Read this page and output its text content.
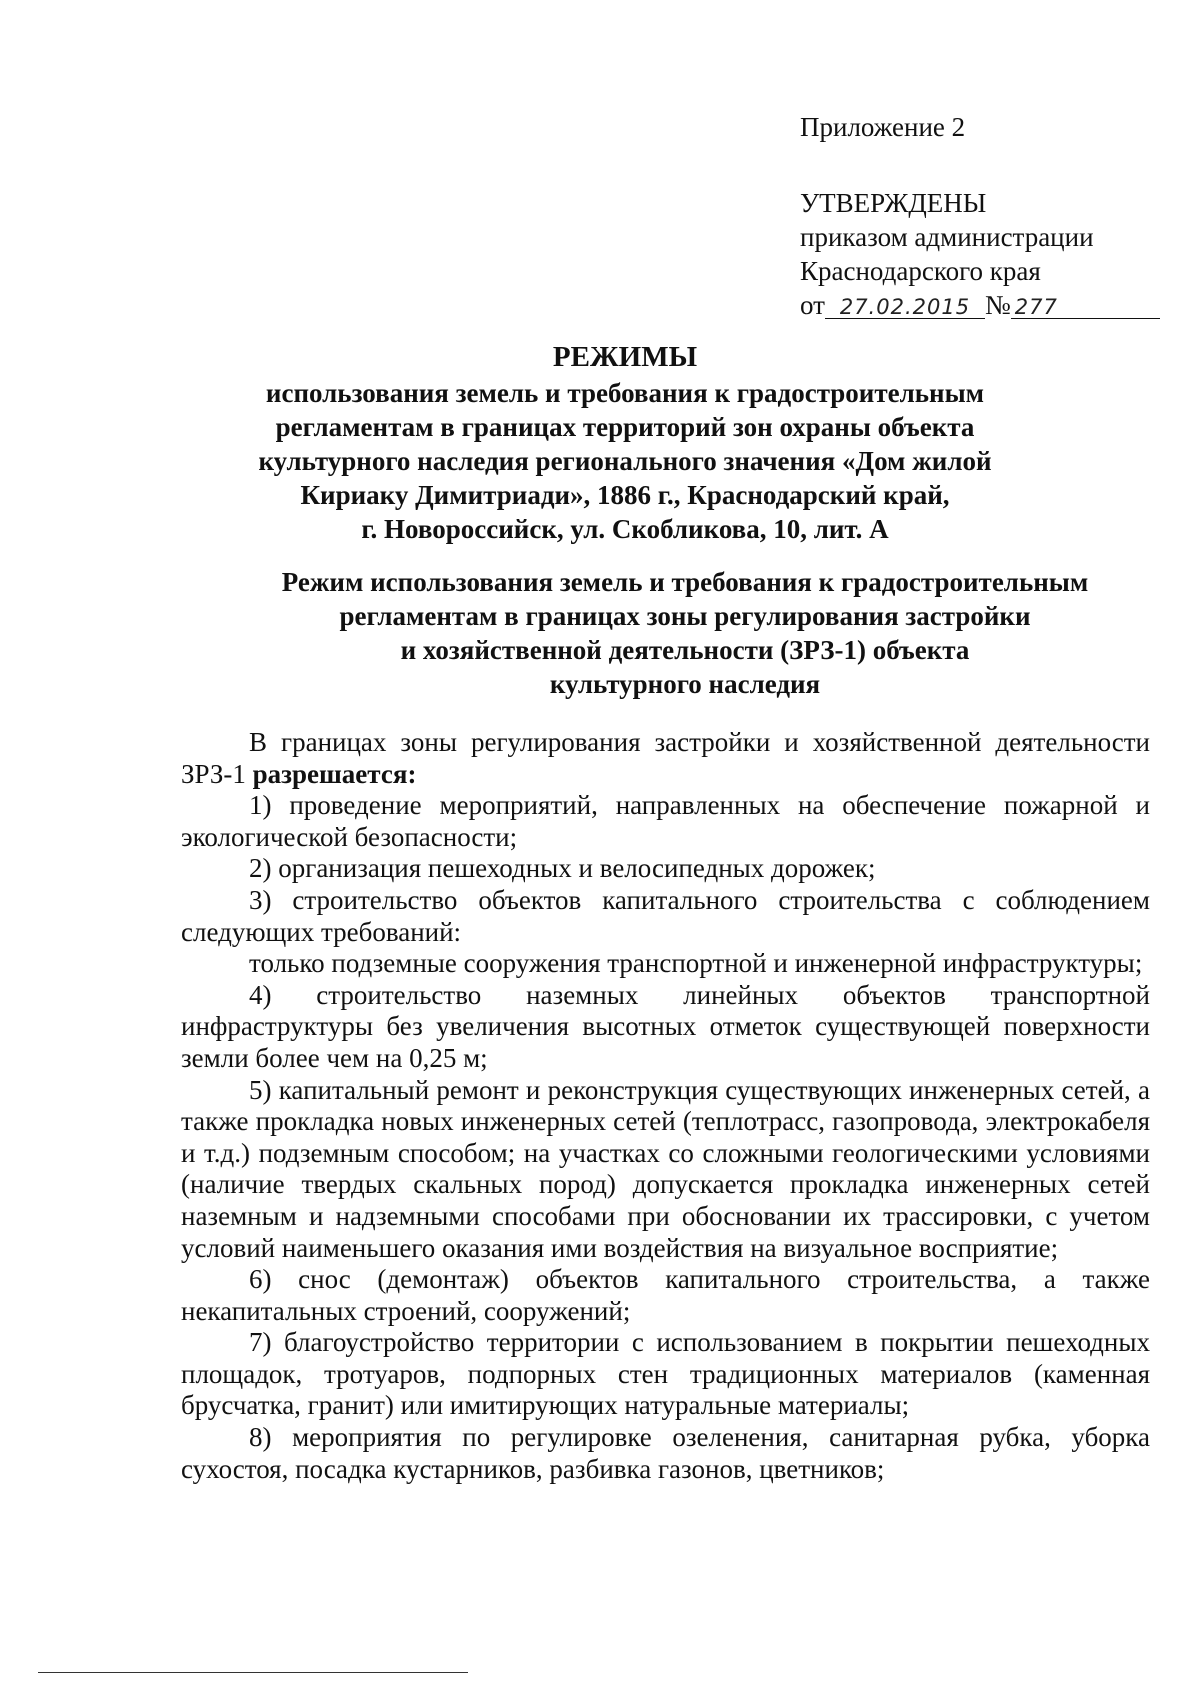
Приложение 2
УТВЕРЖДЕНЫ
приказом администрации
Краснодарского края
от 27.02.2015 № 277
РЕЖИМЫ
использования земель и требования к градостроительным
регламентам в границах территорий зон охраны объекта
культурного наследия регионального значения «Дом жилой
Кириаку Димитриади», 1886 г., Краснодарский край,
г. Новороссийск, ул. Скобликова, 10, лит. А
Режим использования земель и требования к градостроительным
регламентам в границах зоны регулирования застройки
и хозяйственной деятельности (ЗРЗ-1) объекта
культурного наследия

В границах зоны регулирования застройки и хозяйственной деятельности ЗРЗ-1 разрешается:

1) проведение мероприятий, направленных на обеспечение пожарной и экологической безопасности;

2) организация пешеходных и велосипедных дорожек;

3) строительство объектов капитального строительства с соблюдением следующих требований:

только подземные сооружения транспортной и инженерной инфраструктуры;

4) строительство наземных линейных объектов транспортной инфраструктуры без увеличения высотных отметок существующей поверхности земли более чем на 0,25 м;

5) капитальный ремонт и реконструкция существующих инженерных сетей, а также прокладка новых инженерных сетей (теплотрасс, газопровода, электрокабеля и т.д.) подземным способом; на участках со сложными геологическими условиями (наличие твердых скальных пород) допускается прокладка инженерных сетей наземным и надземными способами при обосновании их трассировки, с учетом условий наименьшего оказания ими воздействия на визуальное восприятие;

6) снос (демонтаж) объектов капитального строительства, а также некапитальных строений, сооружений;

7) благоустройство территории с использованием в покрытии пешеходных площадок, тротуаров, подпорных стен традиционных материалов (каменная брусчатка, гранит) или имитирующих натуральные материалы;

8) мероприятия по регулировке озеленения, санитарная рубка, уборка сухостоя, посадка кустарников, разбивка газонов, цветников;
